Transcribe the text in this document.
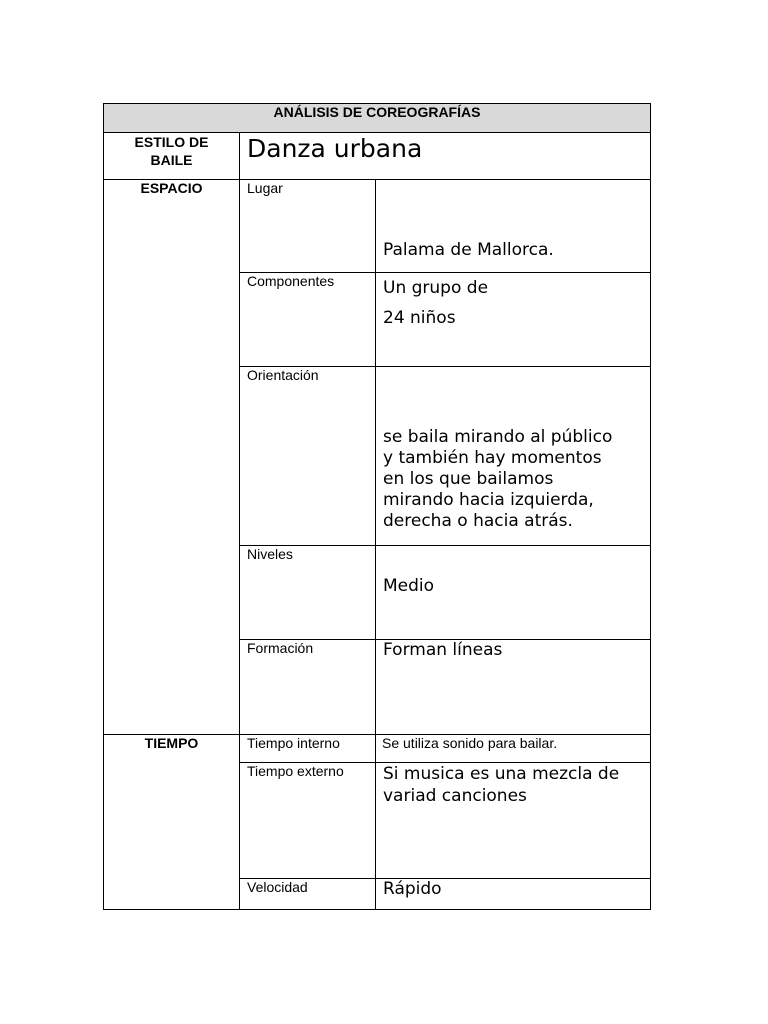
ANÁLISIS DE COREOGRAFÍAS		

ESTILO DE
BAILE	Danza urbana	
ESPACIO	Lugar	Palama de Mallorca.

	Componentes	Un grupo de
24 niños

	Orientación	se baila mirando al público
y también hay momentos
en los que bailamos
mirando hacia izquierda,
derecha o hacia atrás.

	Niveles	Medio

	Formación	Forman líneas

TIEMPO	Tiempo interno	Se utiliza sonido para bailar.

	Tiempo externo	Si musica es una mezcla de
variad canciones

	Velocidad	Rápido
